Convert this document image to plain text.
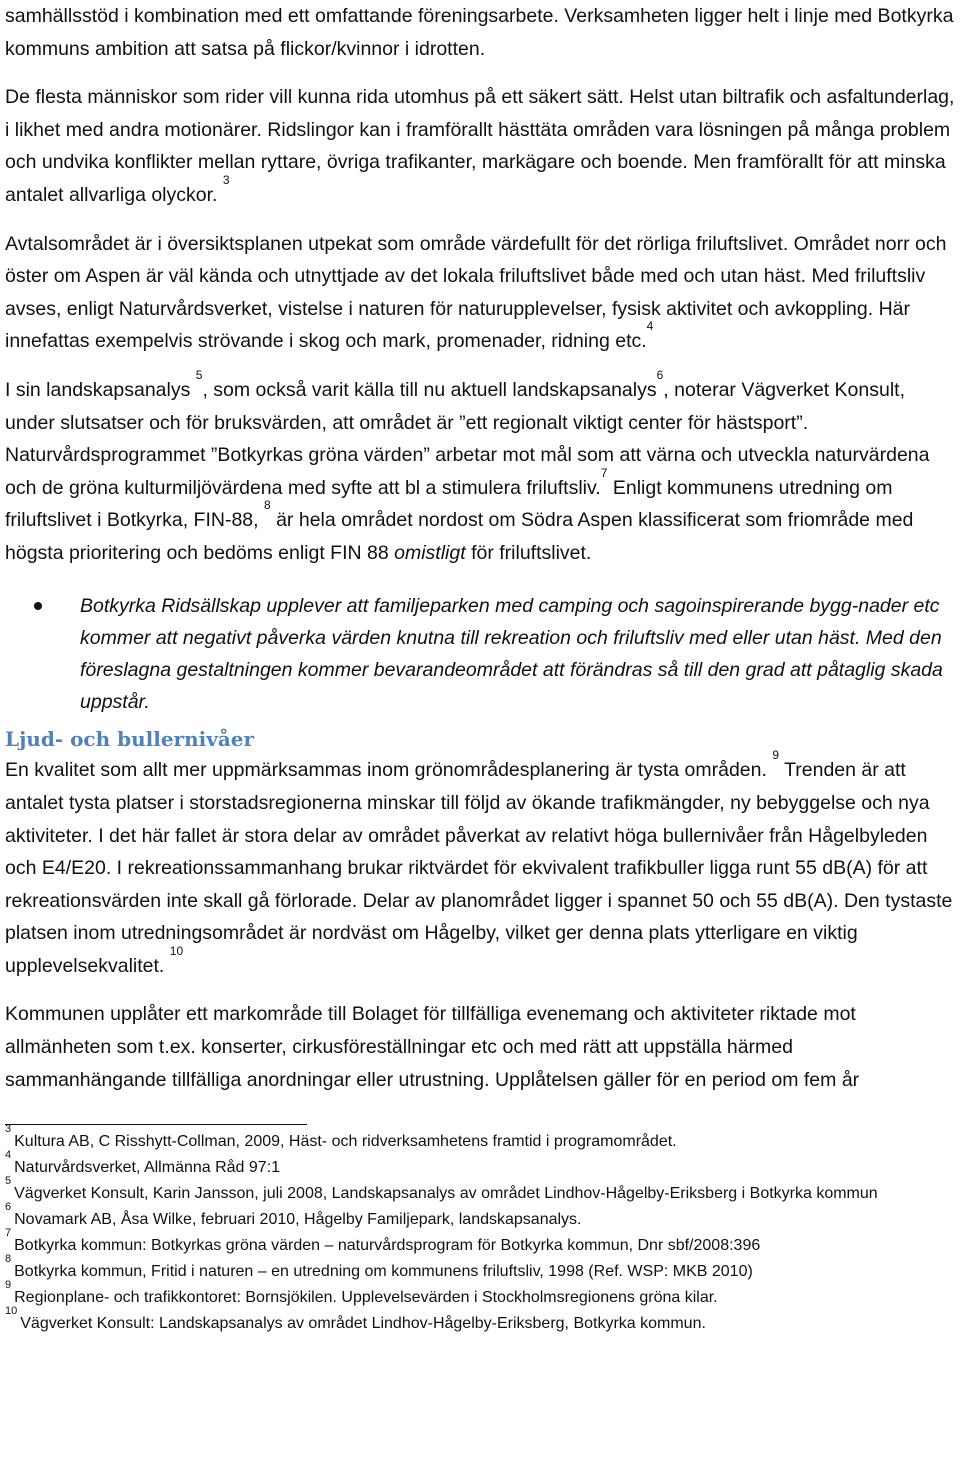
samhällsstöd i kombination med ett omfattande föreningsarbete. Verksamheten ligger helt i linje med Botkyrka kommuns ambition att satsa på flickor/kvinnor i idrotten.

De flesta människor som rider vill kunna rida utomhus på ett säkert sätt. Helst utan biltrafik och asfaltunderlag, i likhet med andra motionärer. Ridslingor kan i framförallt hästtäta områden vara lösningen på många problem och undvika konflikter mellan ryttare, övriga trafikanter, markägare och boende. Men framförallt för att minska antalet allvarliga olyckor. $^3$

Avtalsområdet är i översiktsplanen utpekat som område värdefullt för det rörliga friluftslivet. Området norr och öster om Aspen är väl kända och utnyttjade av det lokala friluftslivet både med och utan häst. Med friluftsliv avses, enligt Naturvårdsverket, vistelse i naturen för naturupplevelser, fysisk aktivitet och avkoppling. Här innefattas exempelvis strövande i skog och mark, promenader, ridning etc.$^4$

I sin landskapsanalys $^5$, som också varit källa till nu aktuell landskapsanalys$^6$, noterar Vägverket Konsult, under slutsatser och för bruksvärden, att området är ”ett regionalt viktigt center för hästsport”. Naturvårdsprogrammet ”Botkyrkas gröna värden” arbetar mot mål som att värna och utveckla naturvärdena och de gröna kulturmiljövärdena med syfte att bl a stimulera friluftsliv.$^7$ Enligt kommunens utredning om friluftslivet i Botkyrka, FIN-88, $^8$ är hela området nordost om Södra Aspen klassificerat som friområde med högsta prioritering och bedöms enligt FIN 88 omistligt för friluftslivet.

Botkyrka Ridsällskap upplever att familjeparken med camping och sagoinspirerande bygg-nader etc kommer att negativt påverka värden knutna till rekreation och friluftsliv med eller utan häst. Med den föreslagna gestaltningen kommer bevarandeområdet att förändras så till den grad att påtaglig skada uppstår.
Ljud- och bullernivåer

En kvalitet som allt mer uppmärksammas inom grönområdesplanering är tysta områden. $^9$ Trenden är att antalet tysta platser i storstadsregionerna minskar till följd av ökande trafikmängder, ny bebyggelse och nya aktiviteter. I det här fallet är stora delar av området påverkat av relativt höga bullernivåer från Hågelbyleden och E4/E20. I rekreationssammanhang brukar riktvärdet för ekvivalent trafikbuller ligga runt 55 dB(A) för att rekreationsvärden inte skall gå förlorade. Delar av planområdet ligger i spannet 50 och 55 dB(A). Den tystaste platsen inom utredningsområdet är nordväst om Hågelby, vilket ger denna plats ytterligare en viktig upplevelsekvalitet. $^{10}$

Kommunen upplåter ett markområde till Bolaget för tillfälliga evenemang och aktiviteter riktade mot allmänheten som t.ex. konserter, cirkusföreställningar etc och med rätt att uppställa härmed sammanhängande tillfälliga anordningar eller utrustning. Upplåtelsen gäller för en period om fem år

$^3$Kultura AB, C Risshytt-Collman, 2009, Häst- och ridverksamhetens framtid i programområdet.

$^4$Naturvårdsverket, Allmänna Råd 97:1

$^5$Vägverket Konsult, Karin Jansson, juli 2008, Landskapsanalys av området Lindhov-Hågelby-Eriksberg i Botkyrka kommun

$^6$Novamark AB, Åsa Wilke, februari 2010, Hågelby Familjepark, landskapsanalys.

$^7$Botkyrka kommun: Botkyrkas gröna värden – naturvårdsprogram för Botkyrka kommun, Dnr sbf/2008:396

$^8$Botkyrka kommun, Fritid i naturen – en utredning om kommunens friluftsliv, 1998 (Ref. WSP: MKB 2010)

$^9$Regionplane- och trafikkontoret: Bornsjökilen. Upplevelsevärden i Stockholmsregionens gröna kilar.

$^{10}$Vägverket Konsult: Landskapsanalys av området Lindhov-Hågelby-Eriksberg, Botkyrka kommun.
